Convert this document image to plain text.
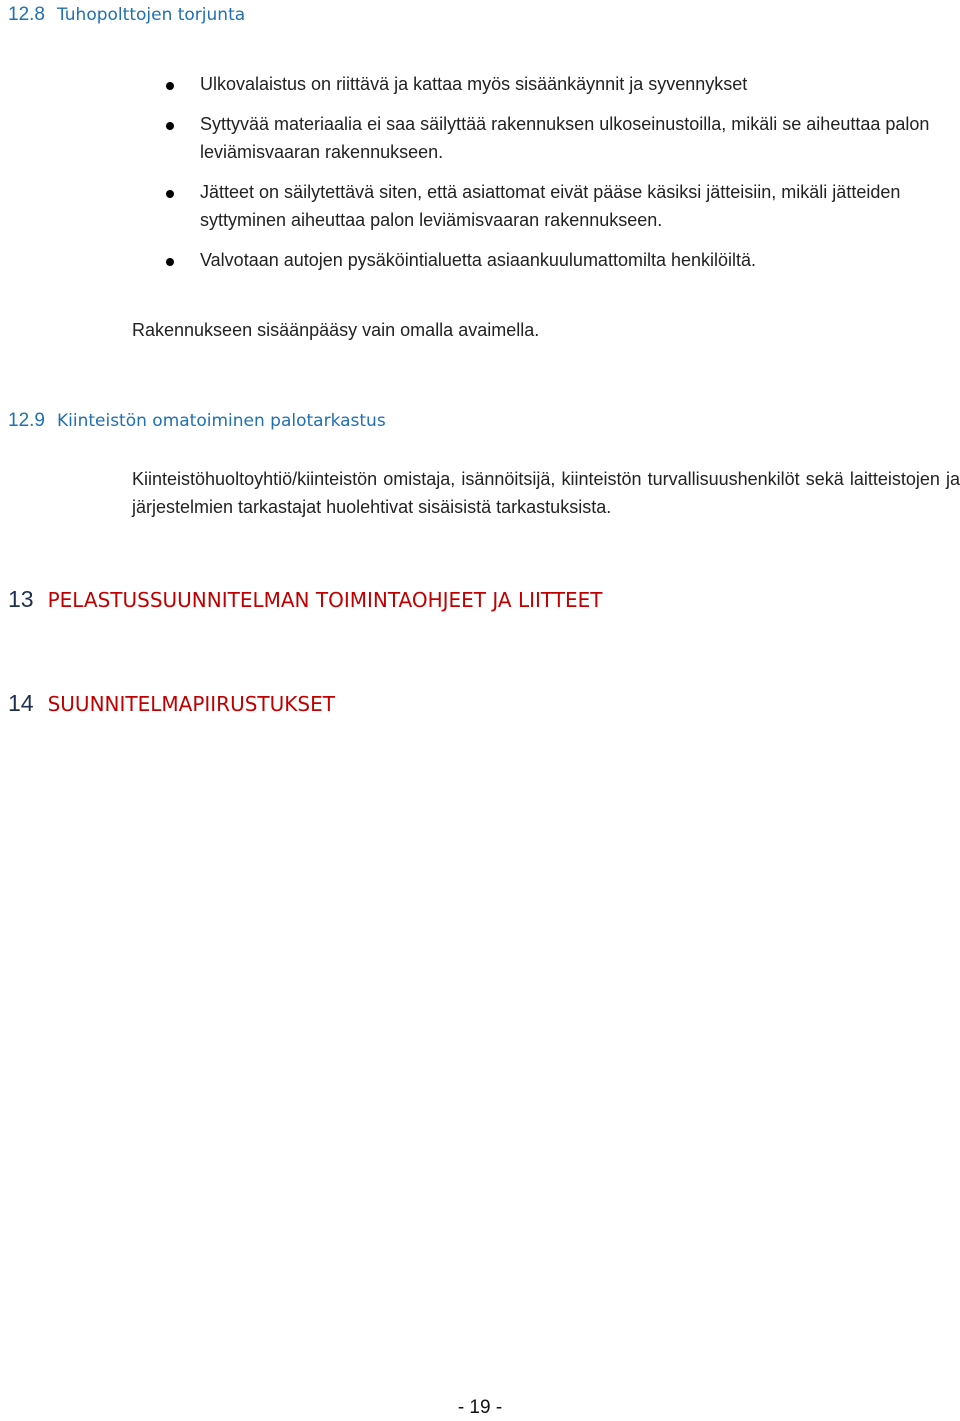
12.8 Tuhopolttojen torjunta
Ulkovalaistus on riittävä ja kattaa myös sisäänkäynnit ja syvennykset
Syttyvää materiaalia ei saa säilyttää rakennuksen ulkoseinustoilla, mikäli se aiheuttaa palon leviämisvaaran rakennukseen.
Jätteet on säilytettävä siten, että asiattomat eivät pääse käsiksi jätteisiin, mikäli jätteiden syttyminen aiheuttaa palon leviämisvaaran rakennukseen.
Valvotaan autojen pysäköintialuetta asiaankuulumattomilta henkilöiltä.
Rakennukseen sisäänpääsy vain omalla avaimella.
12.9 Kiinteistön omatoiminen palotarkastus
Kiinteistöhuoltoyhtiö/kiinteistön omistaja, isännöitsijä, kiinteistön turvallisuushenkilöt sekä laitteistojen ja järjestelmien tarkastajat huolehtivat sisäisistä tarkastuksista.
13 PELASTUSSUUNNITELMAN TOIMINTAOHJEET JA LIITTEET
14 SUUNNITELMAPIIRUSTUKSET
- 19 -
